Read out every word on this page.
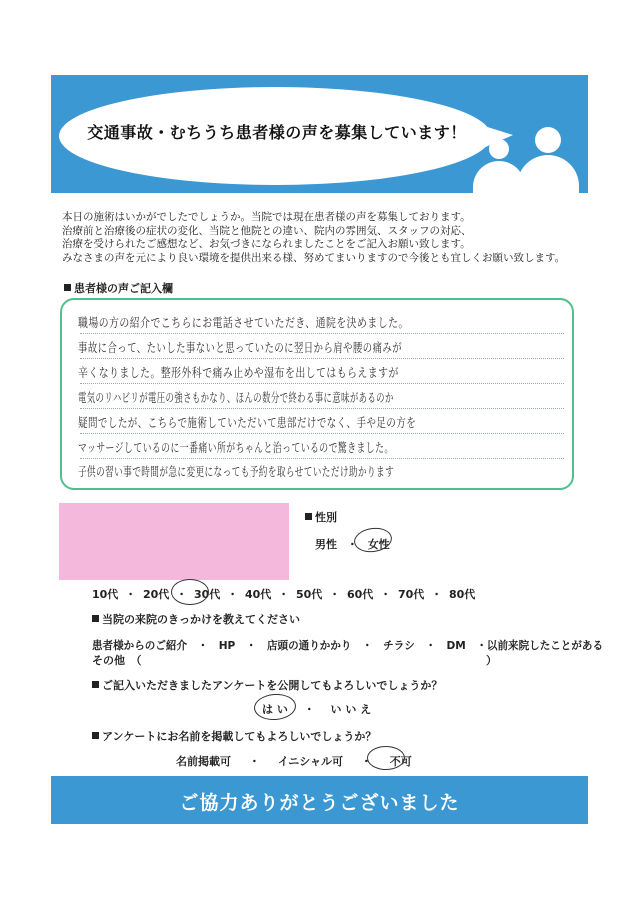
交通事故・むちうち患者様の声を募集しています！
本日の施術はいかがでしたでしょうか。当院では現在患者様の声を募集しております。
治療前と治療後の症状の変化、当院と他院との違い、院内の雰囲気、スタッフの対応、
治療を受けられたご感想など、お気づきになられましたことをご記入お願い致します。
みなさまの声を元により良い環境を提供出来る様、努めてまいりますので今後とも宜しくお願い致します。
患者様の声ご記入欄
職場の方の紹介でこちらにお電話させていただき、通院を決めました。
事故に合って、たいした事ないと思っていたのに翌日から肩や腰の痛みが
辛くなりました。整形外科で痛み止めや湿布を出してはもらえますが
電気のリハビリが電圧の強さもかなり、ほんの数分で終わる事に意味があるのか
疑問でしたが、こちらで施術していただいて患部だけでなく、手や足の方を
マッサージしているのに一番痛い所がちゃんと治っているので驚きました。
子供の習い事で時間が急に変更になっても予約を取らせていただけ助かります
性別
男性 ・ 女性
10代 ・ 20代 ・ 30代 ・ 40代 ・ 50代 ・ 60代 ・ 70代 ・ 80代
当院の来院のきっかけを教えてください
患者様からのご紹介　・　HP　・　店頭の通りかかり　・　チラシ　・　DM　・以前来院したことがある
その他　（	）
ご記入いただきましたアンケートを公開してもよろしいでしょうか？
は い ・ い い え
アンケートにお名前を掲載してもよろしいでしょうか？
名前掲載可 ・ イニシャル可 ・ 不可
ご協力ありがとうございました
